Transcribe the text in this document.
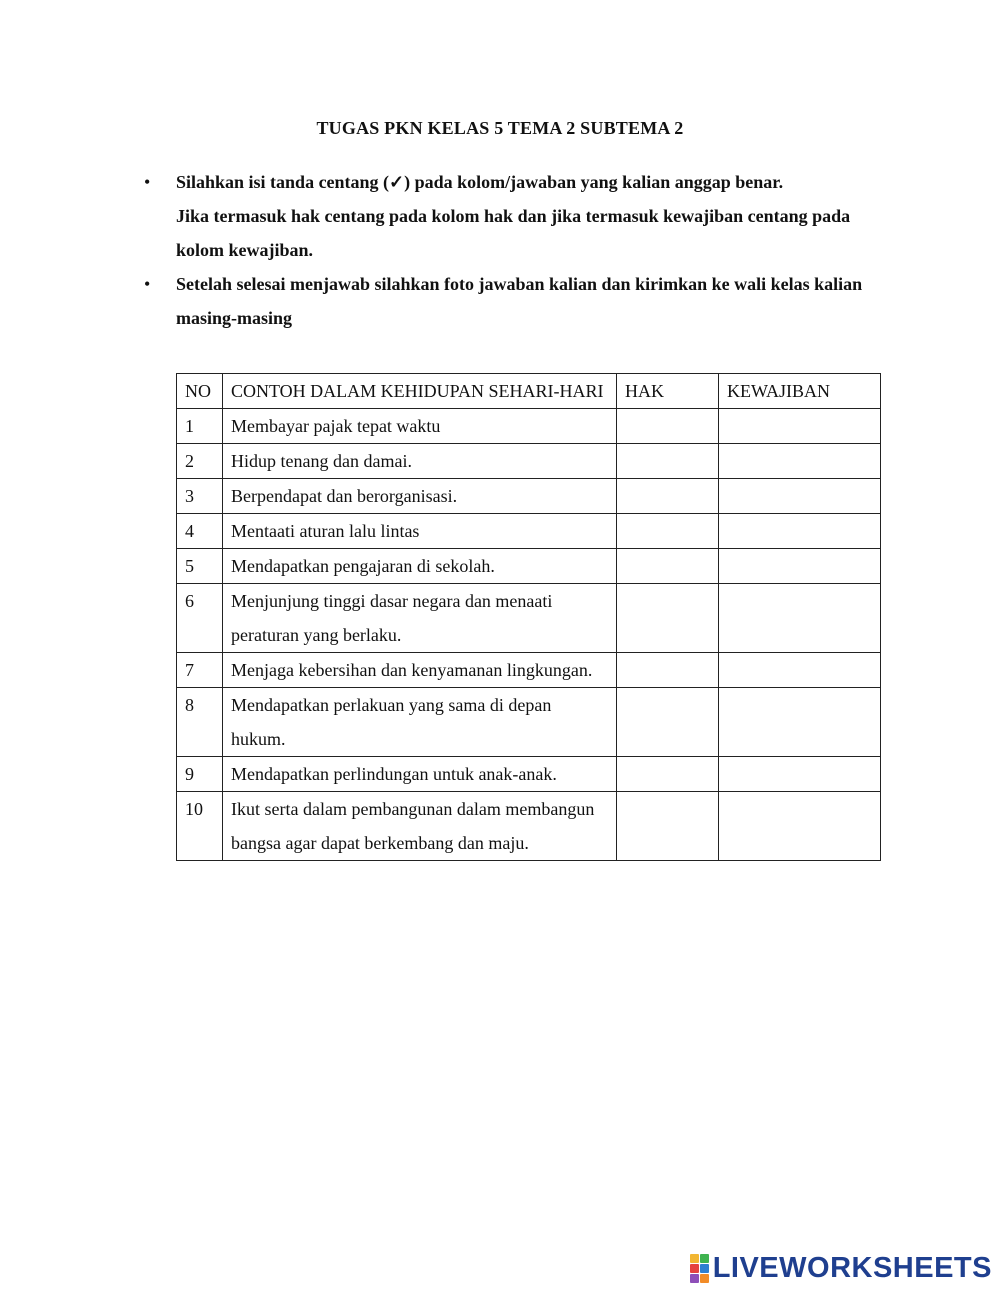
TUGAS PKN KELAS 5 TEMA 2 SUBTEMA 2
• Silahkan isi tanda centang (✓) pada kolom/jawaban yang kalian anggap benar.
Jika termasuk hak centang pada kolom hak dan jika termasuk kewajiban centang pada kolom kewajiban.
• Setelah selesai menjawab silahkan foto jawaban kalian dan kirimkan ke wali kelas kalian masing-masing
NO	CONTOH DALAM KEHIDUPAN SEHARI-HARI	HAK	KEWAJIBAN
1	Membayar pajak tepat waktu		
2	Hidup tenang dan damai.		
3	Berpendapat dan berorganisasi.		
4	Mentaati aturan lalu lintas		
5	Mendapatkan pengajaran di sekolah.		
6	Menjunjung tinggi dasar negara dan menaati peraturan yang berlaku.		
7	Menjaga kebersihan dan kenyamanan lingkungan.		
8	Mendapatkan perlakuan yang sama di depan hukum.		
9	Mendapatkan perlindungan untuk anak-anak.		
10	Ikut serta dalam pembangunan dalam membangun bangsa agar dapat berkembang dan maju.		
LIVEWORKSHEETS
